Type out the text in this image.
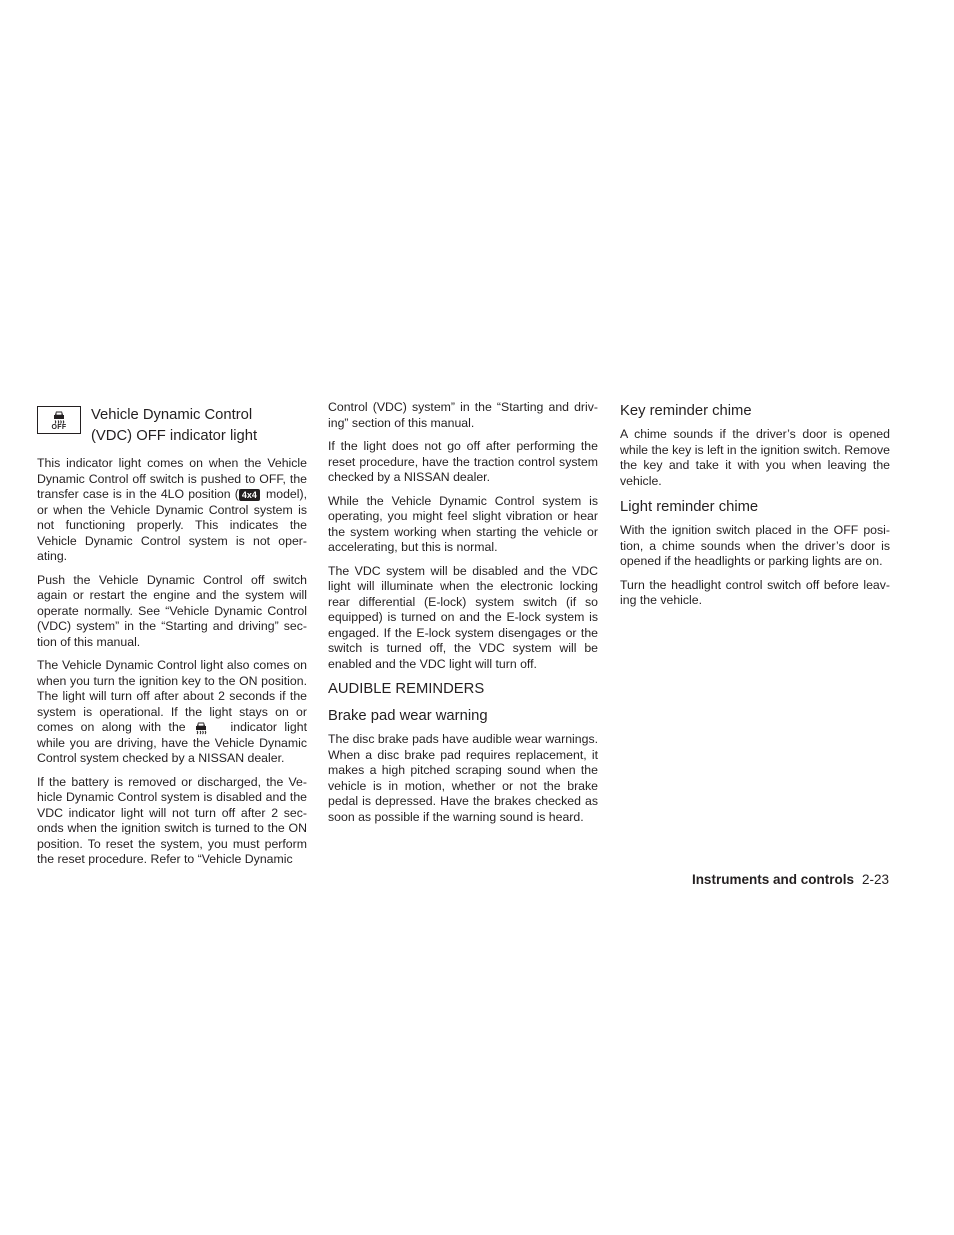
OFF
Vehicle Dynamic Control
(VDC) OFF indicator light

This indicator light comes on when the Vehicle Dynamic Control off switch is pushed to OFF, the transfer case is in the 4LO position ( 4x4 model), or when the Vehicle Dynamic Control system is not functioning properly. This indicates the Vehicle Dynamic Control system is not oper-ating.

Push the Vehicle Dynamic Control off switch again or restart the engine and the system will operate normally. See “Vehicle Dynamic Control (VDC) system” in the “Starting and driving” sec-tion of this manual.

The Vehicle Dynamic Control light also comes on when you turn the ignition key to the ON position. The light will turn off after about 2 seconds if the system is operational. If the light stays on or comes on along with the	indicator light while you are driving, have the Vehicle Dynamic Control system checked by a NISSAN dealer.

If the battery is removed or discharged, the Ve-hicle Dynamic Control system is disabled and the VDC indicator light will not turn off after 2 sec-onds when the ignition switch is turned to the ON position. To reset the system, you must perform the reset procedure. Refer to “Vehicle Dynamic

Control (VDC) system” in the “Starting and driv-ing” section of this manual.

If the light does not go off after performing the reset procedure, have the traction control system checked by a NISSAN dealer.

While the Vehicle Dynamic Control system is operating, you might feel slight vibration or hear the system working when starting the vehicle or accelerating, but this is normal.

The VDC system will be disabled and the VDC light will illuminate when the electronic locking rear differential (E-lock) system switch (if so equipped) is turned on and the E-lock system is engaged. If the E-lock system disengages or the switch is turned off, the VDC system will be enabled and the VDC light will turn off.

AUDIBLE REMINDERS
Brake pad wear warning

The disc brake pads have audible wear warnings. When a disc brake pad requires replacement, it makes a high pitched scraping sound when the vehicle is in motion, whether or not the brake pedal is depressed. Have the brakes checked as soon as possible if the warning sound is heard.

Key reminder chime

A chime sounds if the driver’s door is opened while the key is left in the ignition switch. Remove the key and take it with you when leaving the vehicle.

Light reminder chime

With the ignition switch placed in the OFF posi-tion, a chime sounds when the driver’s door is opened if the headlights or parking lights are on.

Turn the headlight control switch off before leav-ing the vehicle.

Instruments and controls 2-23
